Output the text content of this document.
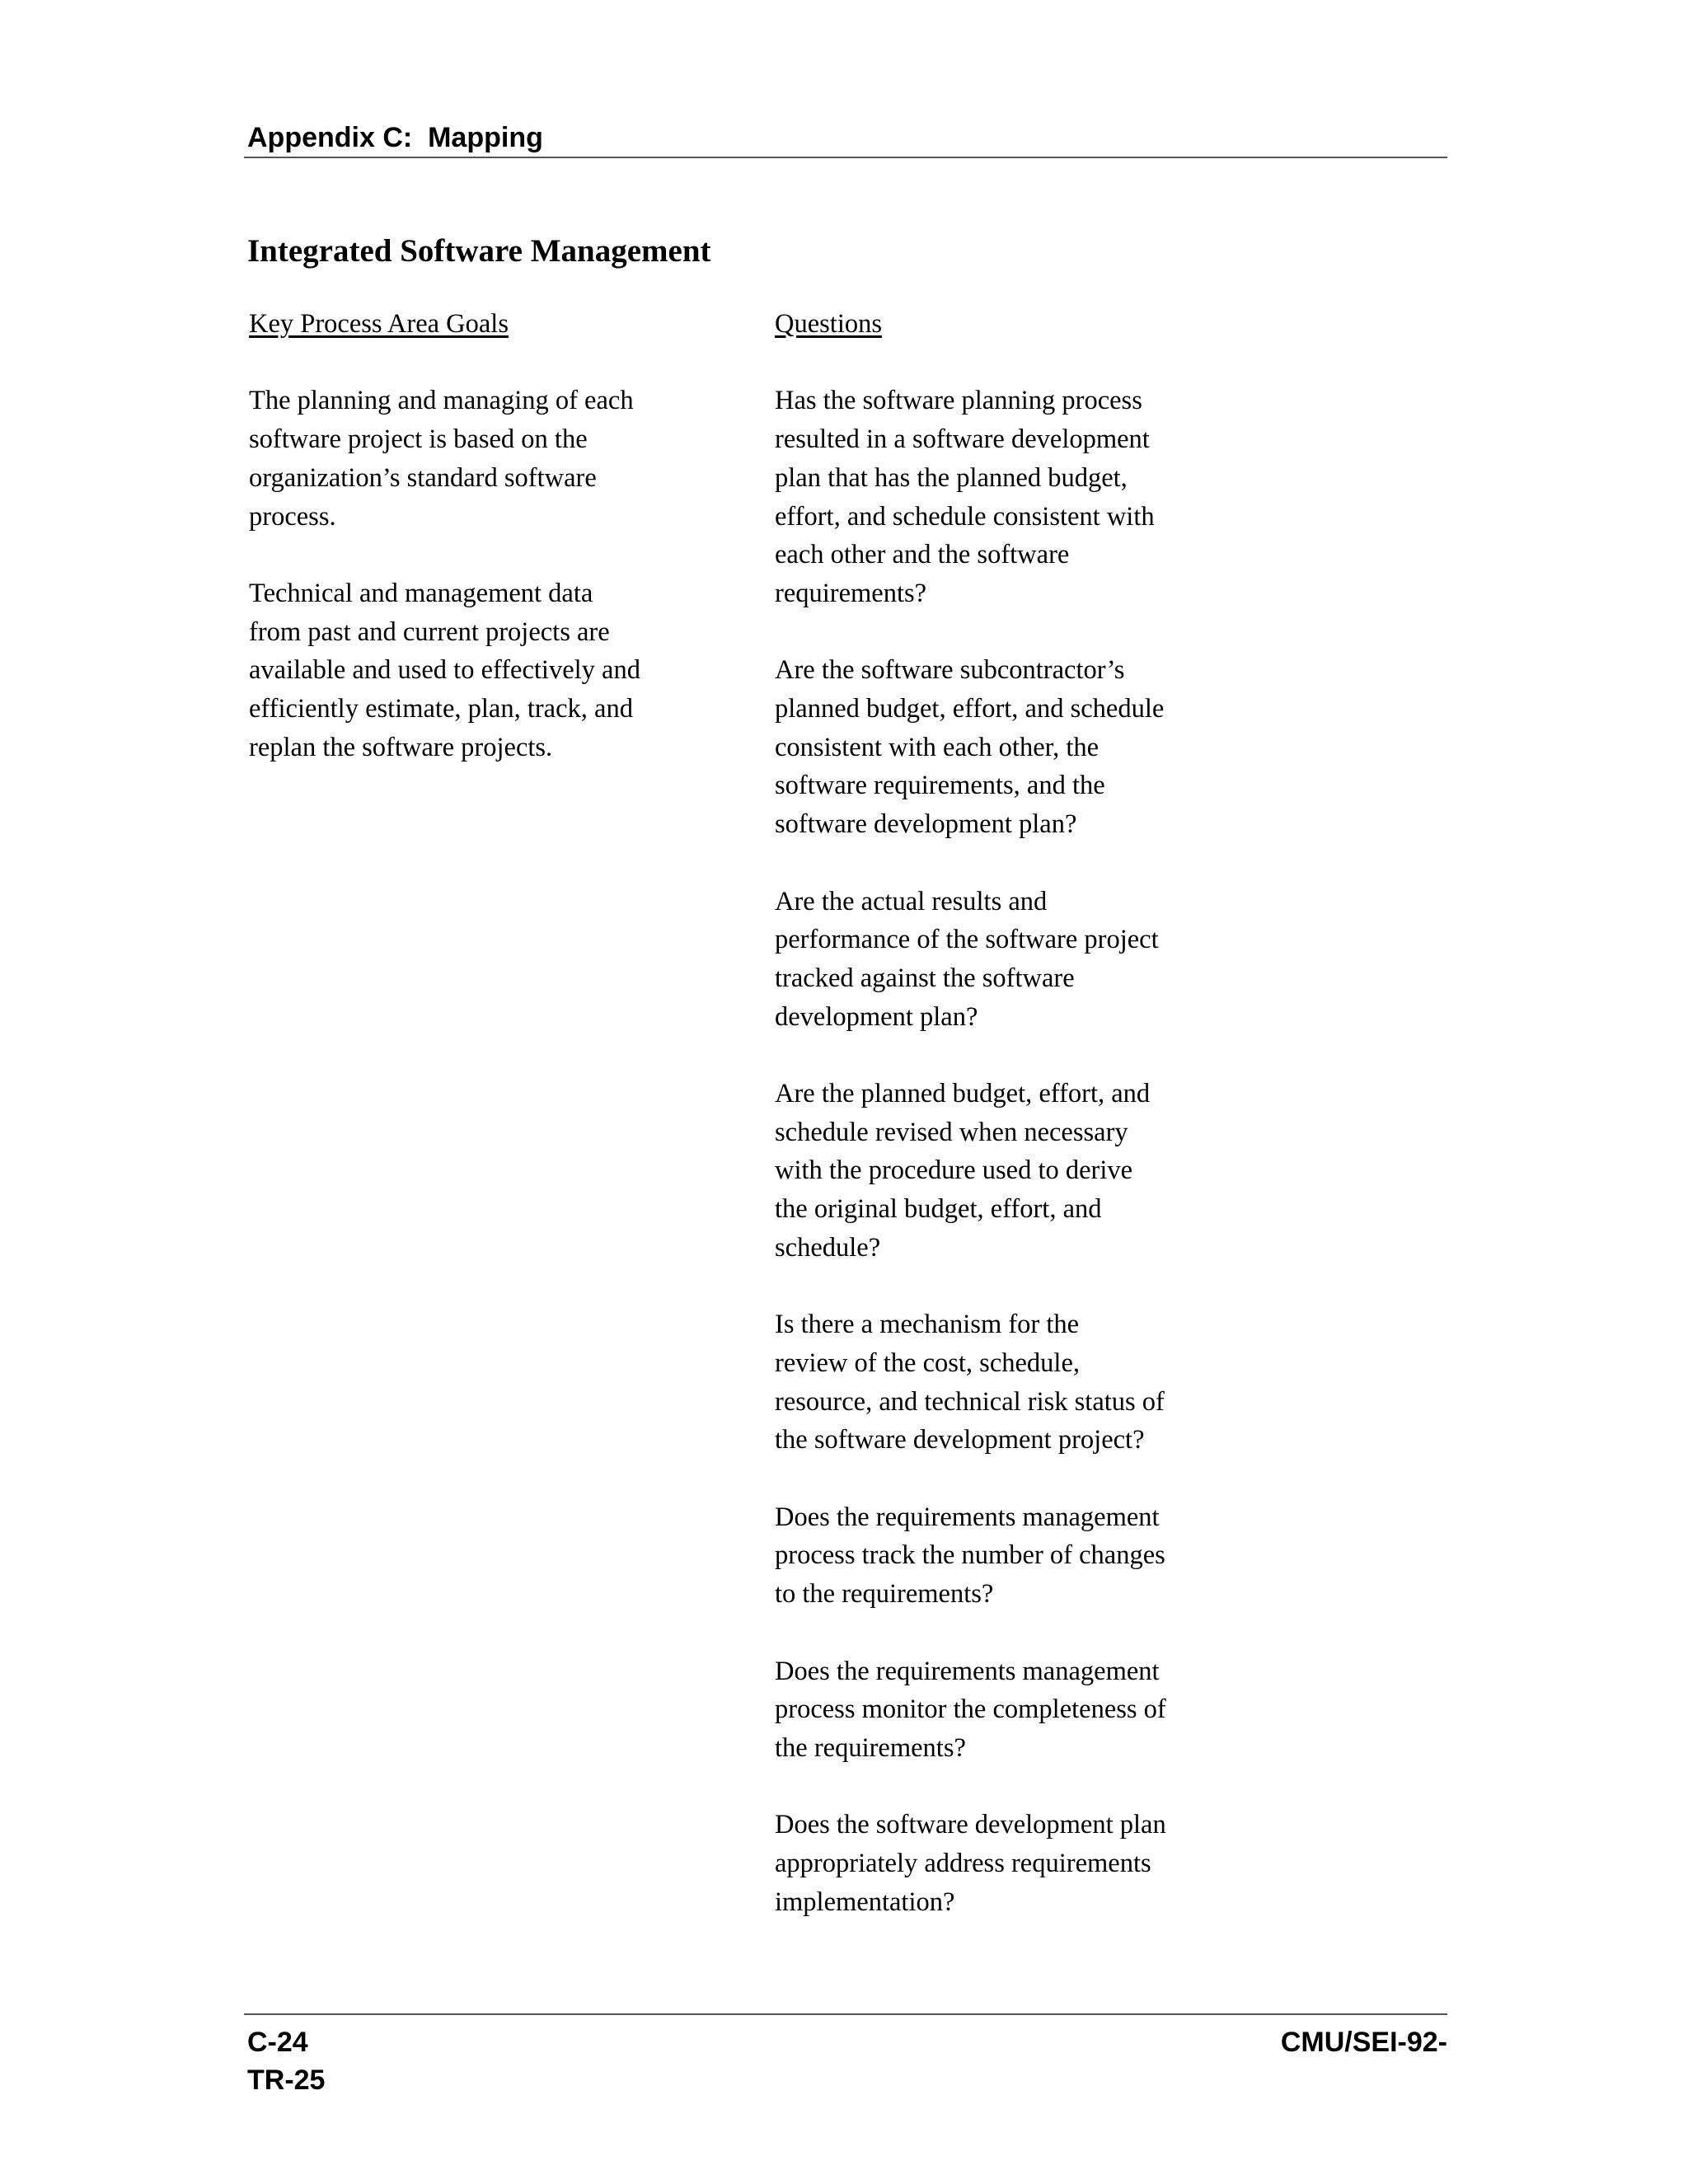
Appendix C:  Mapping
Integrated Software Management
Key Process Area Goals
The planning and managing of each
software project is based on the
organization’s standard software
process.
Technical and management data
from past and current projects are
available and used to effectively and
efficiently estimate, plan, track, and
replan the software projects.
Questions
Has the software planning process
resulted in a software development
plan that has the planned budget,
effort, and schedule consistent with
each other and the software
requirements?
Are the software subcontractor’s
planned budget, effort, and schedule
consistent with each other, the
software requirements, and the
software development plan?
Are the actual results and
performance of the software project
tracked against the software
development plan?
Are the planned budget, effort, and
schedule revised when necessary
with the procedure used to derive
the original budget, effort, and
schedule?
Is there a mechanism for the
review of the cost, schedule,
resource, and technical risk status of
the software development project?
Does the requirements management
process track the number of changes
to the requirements?
Does the requirements management
process monitor the completeness of
the requirements?
Does the software development plan
appropriately address requirements
implementation?
C-24
TR-25
CMU/SEI-92-
